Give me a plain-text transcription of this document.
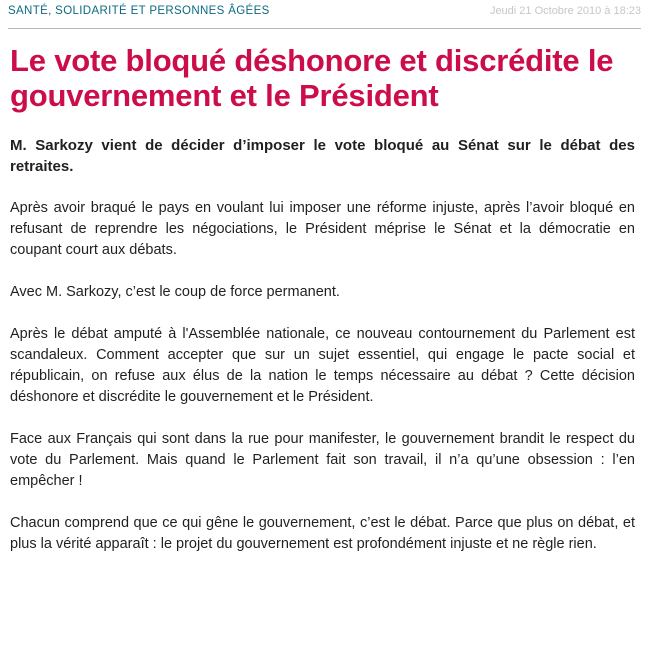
SANTÉ, SOLIDARITÉ ET PERSONNES ÂGÉES	Jeudi 21 Octobre 2010 à 18:23
Le vote bloqué déshonore et discrédite le gouvernement et le Président

M. Sarkozy vient de décider d’imposer le vote bloqué au Sénat sur le débat des retraites.

Après avoir braqué le pays en voulant lui imposer une réforme injuste, après l’avoir bloqué en refusant de reprendre les négociations, le Président méprise le Sénat et la démocratie en coupant court aux débats.

Avec M. Sarkozy, c’est le coup de force permanent.

Après le débat amputé à l'Assemblée nationale, ce nouveau contournement du Parlement est scandaleux. Comment accepter que sur un sujet essentiel, qui engage le pacte social et républicain, on refuse aux élus de la nation le temps nécessaire au débat ? Cette décision déshonore et discrédite le gouvernement et le Président.

Face aux Français qui sont dans la rue pour manifester, le gouvernement brandit le respect du vote du Parlement. Mais quand le Parlement fait son travail, il n’a qu’une obsession : l’en empêcher !

Chacun comprend que ce qui gêne le gouvernement, c’est le débat. Parce que plus on débat, et plus la vérité apparaît : le projet du gouvernement est profondément injuste et ne règle rien.
